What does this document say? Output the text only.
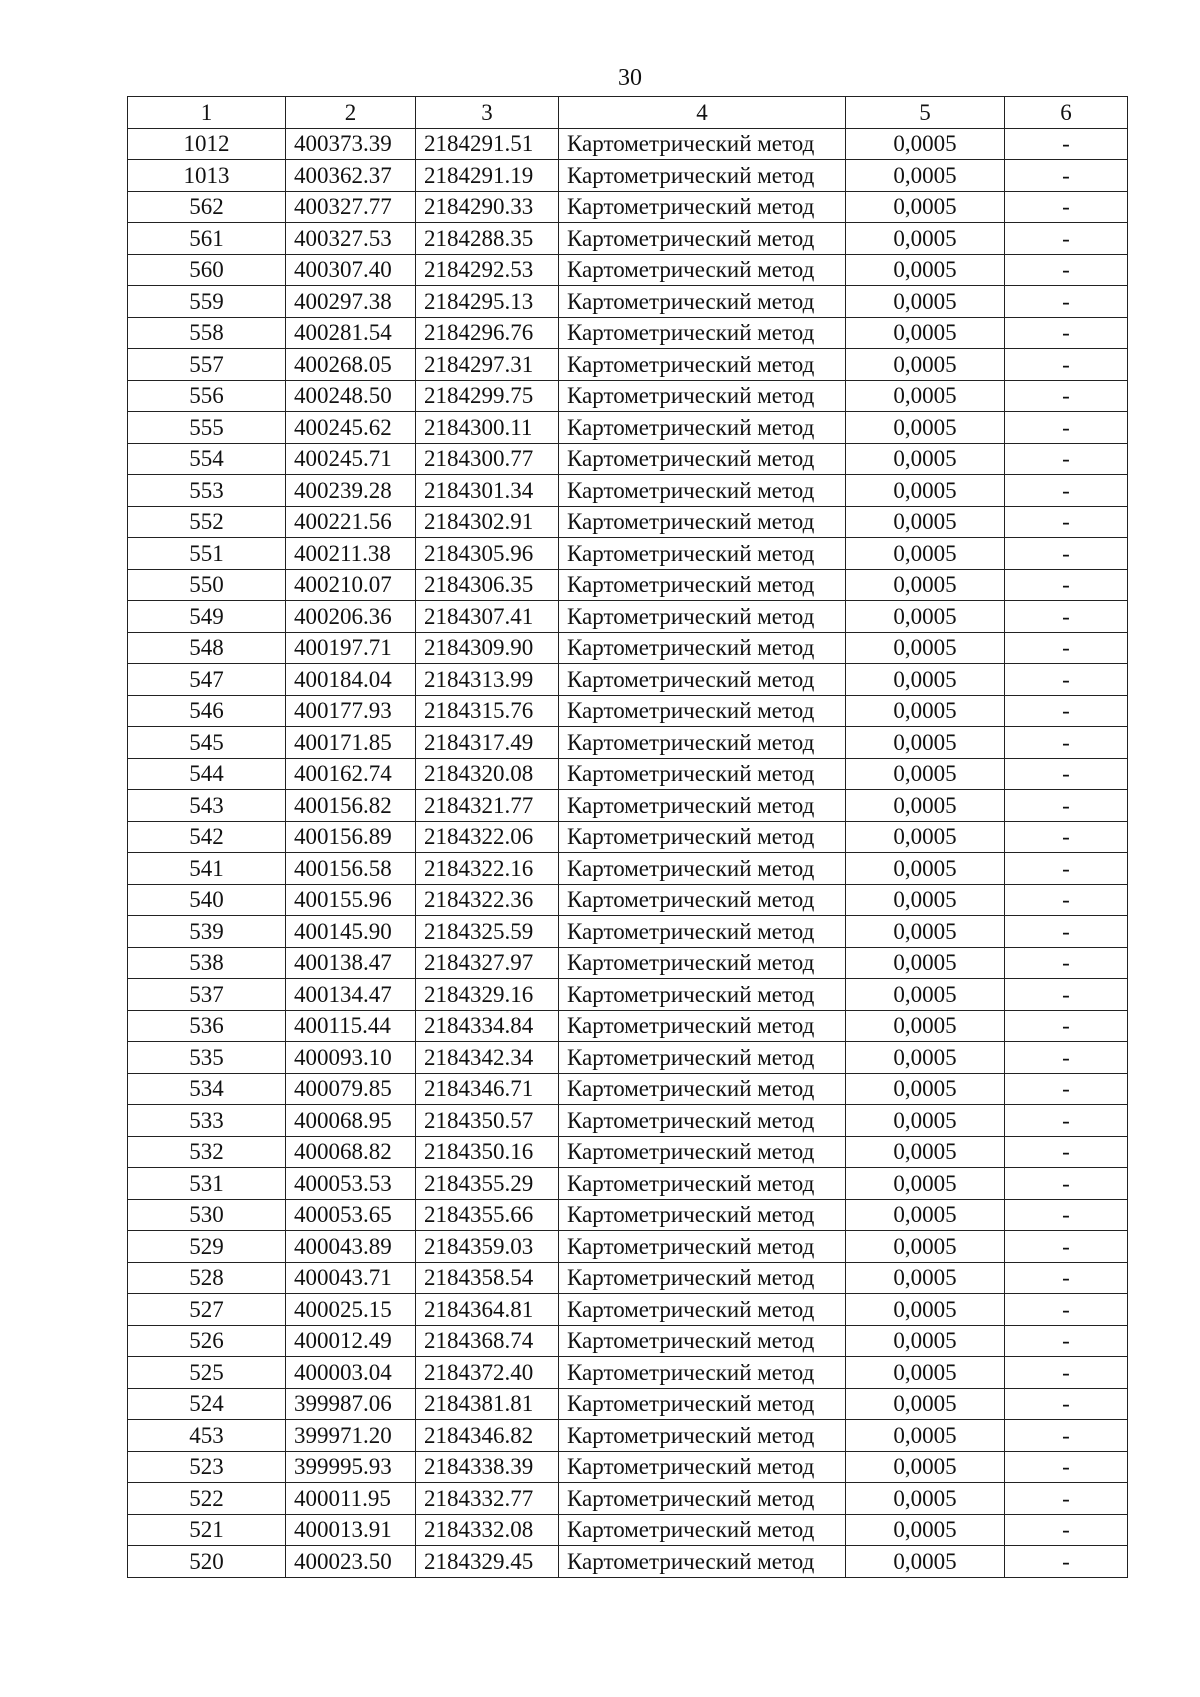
30
1	2	3	4	5	6
1012	400373.39	2184291.51	Картометрический метод	0,0005	-
1013	400362.37	2184291.19	Картометрический метод	0,0005	-
562	400327.77	2184290.33	Картометрический метод	0,0005	-
561	400327.53	2184288.35	Картометрический метод	0,0005	-
560	400307.40	2184292.53	Картометрический метод	0,0005	-
559	400297.38	2184295.13	Картометрический метод	0,0005	-
558	400281.54	2184296.76	Картометрический метод	0,0005	-
557	400268.05	2184297.31	Картометрический метод	0,0005	-
556	400248.50	2184299.75	Картометрический метод	0,0005	-
555	400245.62	2184300.11	Картометрический метод	0,0005	-
554	400245.71	2184300.77	Картометрический метод	0,0005	-
553	400239.28	2184301.34	Картометрический метод	0,0005	-
552	400221.56	2184302.91	Картометрический метод	0,0005	-
551	400211.38	2184305.96	Картометрический метод	0,0005	-
550	400210.07	2184306.35	Картометрический метод	0,0005	-
549	400206.36	2184307.41	Картометрический метод	0,0005	-
548	400197.71	2184309.90	Картометрический метод	0,0005	-
547	400184.04	2184313.99	Картометрический метод	0,0005	-
546	400177.93	2184315.76	Картометрический метод	0,0005	-
545	400171.85	2184317.49	Картометрический метод	0,0005	-
544	400162.74	2184320.08	Картометрический метод	0,0005	-
543	400156.82	2184321.77	Картометрический метод	0,0005	-
542	400156.89	2184322.06	Картометрический метод	0,0005	-
541	400156.58	2184322.16	Картометрический метод	0,0005	-
540	400155.96	2184322.36	Картометрический метод	0,0005	-
539	400145.90	2184325.59	Картометрический метод	0,0005	-
538	400138.47	2184327.97	Картометрический метод	0,0005	-
537	400134.47	2184329.16	Картометрический метод	0,0005	-
536	400115.44	2184334.84	Картометрический метод	0,0005	-
535	400093.10	2184342.34	Картометрический метод	0,0005	-
534	400079.85	2184346.71	Картометрический метод	0,0005	-
533	400068.95	2184350.57	Картометрический метод	0,0005	-
532	400068.82	2184350.16	Картометрический метод	0,0005	-
531	400053.53	2184355.29	Картометрический метод	0,0005	-
530	400053.65	2184355.66	Картометрический метод	0,0005	-
529	400043.89	2184359.03	Картометрический метод	0,0005	-
528	400043.71	2184358.54	Картометрический метод	0,0005	-
527	400025.15	2184364.81	Картометрический метод	0,0005	-
526	400012.49	2184368.74	Картометрический метод	0,0005	-
525	400003.04	2184372.40	Картометрический метод	0,0005	-
524	399987.06	2184381.81	Картометрический метод	0,0005	-
453	399971.20	2184346.82	Картометрический метод	0,0005	-
523	399995.93	2184338.39	Картометрический метод	0,0005	-
522	400011.95	2184332.77	Картометрический метод	0,0005	-
521	400013.91	2184332.08	Картометрический метод	0,0005	-
520	400023.50	2184329.45	Картометрический метод	0,0005	-
